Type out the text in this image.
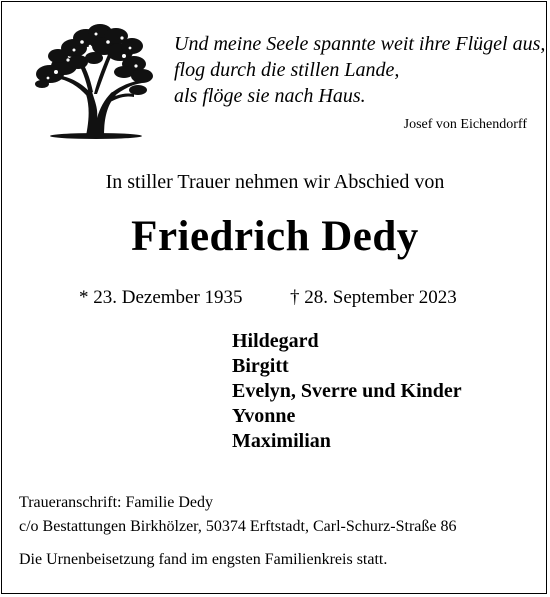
Und meine Seele spannte weit ihre Flügel aus,
flog durch die stillen Lande,
als flöge sie nach Haus.
Josef von Eichendorff
In stiller Trauer nehmen wir Abschied von
Friedrich Dedy
* 23. Dezember 1935 † 28. September 2023
Hildegard
Birgitt
Evelyn, Sverre und Kinder
Yvonne
Maximilian
Traueranschrift: Familie Dedy
c/o Bestattungen Birkhölzer, 50374 Erftstadt, Carl-Schurz-Straße 86
Die Urnenbeisetzung fand im engsten Familienkreis statt.
